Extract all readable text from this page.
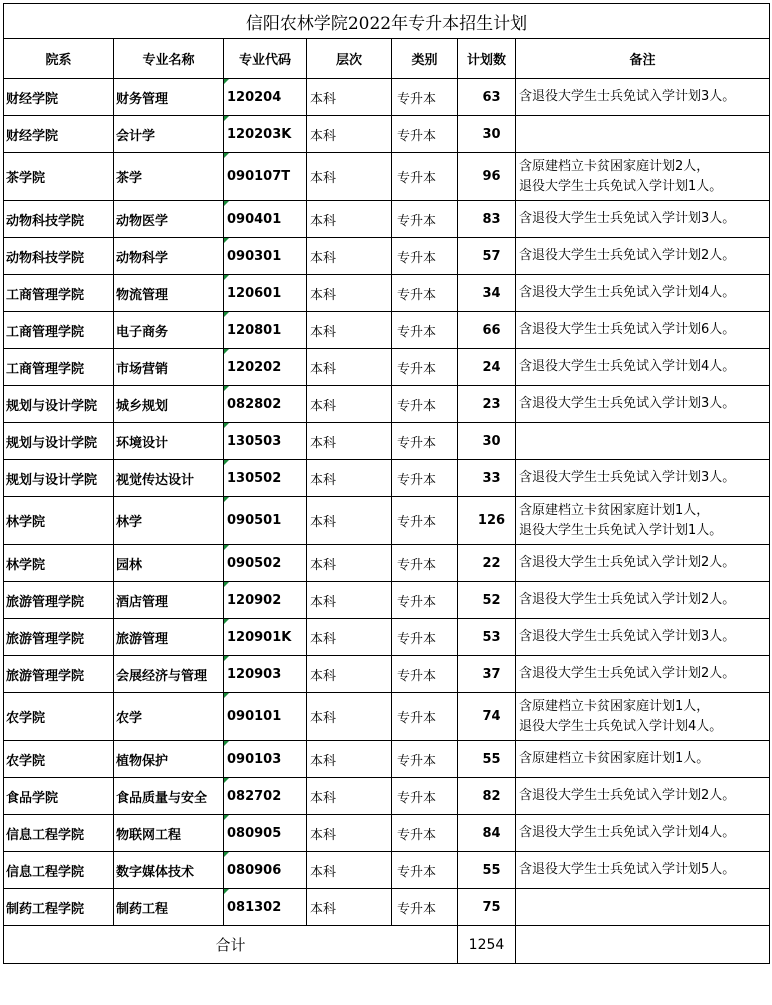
信阳农林学院2022年专升本招生计划						
院系	专业名称	专业代码	层次	类别	计划数	备注
财经学院	财务管理	120204	本科	专升本	63	含退役大学生士兵免试入学计划3人。
财经学院	会计学	120203K	本科	专升本	30	
茶学院	茶学	090107T	本科	专升本	96	含原建档立卡贫困家庭计划2人，
退役大学生士兵免试入学计划1人。
动物科技学院	动物医学	090401	本科	专升本	83	含退役大学生士兵免试入学计划3人。
动物科技学院	动物科学	090301	本科	专升本	57	含退役大学生士兵免试入学计划2人。
工商管理学院	物流管理	120601	本科	专升本	34	含退役大学生士兵免试入学计划4人。
工商管理学院	电子商务	120801	本科	专升本	66	含退役大学生士兵免试入学计划6人。
工商管理学院	市场营销	120202	本科	专升本	24	含退役大学生士兵免试入学计划4人。
规划与设计学院	城乡规划	082802	本科	专升本	23	含退役大学生士兵免试入学计划3人。
规划与设计学院	环境设计	130503	本科	专升本	30	
规划与设计学院	视觉传达设计	130502	本科	专升本	33	含退役大学生士兵免试入学计划3人。
林学院	林学	090501	本科	专升本	126	含原建档立卡贫困家庭计划1人，
退役大学生士兵免试入学计划1人。
林学院	园林	090502	本科	专升本	22	含退役大学生士兵免试入学计划2人。
旅游管理学院	酒店管理	120902	本科	专升本	52	含退役大学生士兵免试入学计划2人。
旅游管理学院	旅游管理	120901K	本科	专升本	53	含退役大学生士兵免试入学计划3人。
旅游管理学院	会展经济与管理	120903	本科	专升本	37	含退役大学生士兵免试入学计划2人。
农学院	农学	090101	本科	专升本	74	含原建档立卡贫困家庭计划1人，
退役大学生士兵免试入学计划4人。
农学院	植物保护	090103	本科	专升本	55	含原建档立卡贫困家庭计划1人。
食品学院	食品质量与安全	082702	本科	专升本	82	含退役大学生士兵免试入学计划2人。
信息工程学院	物联网工程	080905	本科	专升本	84	含退役大学生士兵免试入学计划4人。
信息工程学院	数字媒体技术	080906	本科	专升本	55	含退役大学生士兵免试入学计划5人。
制药工程学院	制药工程	081302	本科	专升本	75	
合计					1254	
